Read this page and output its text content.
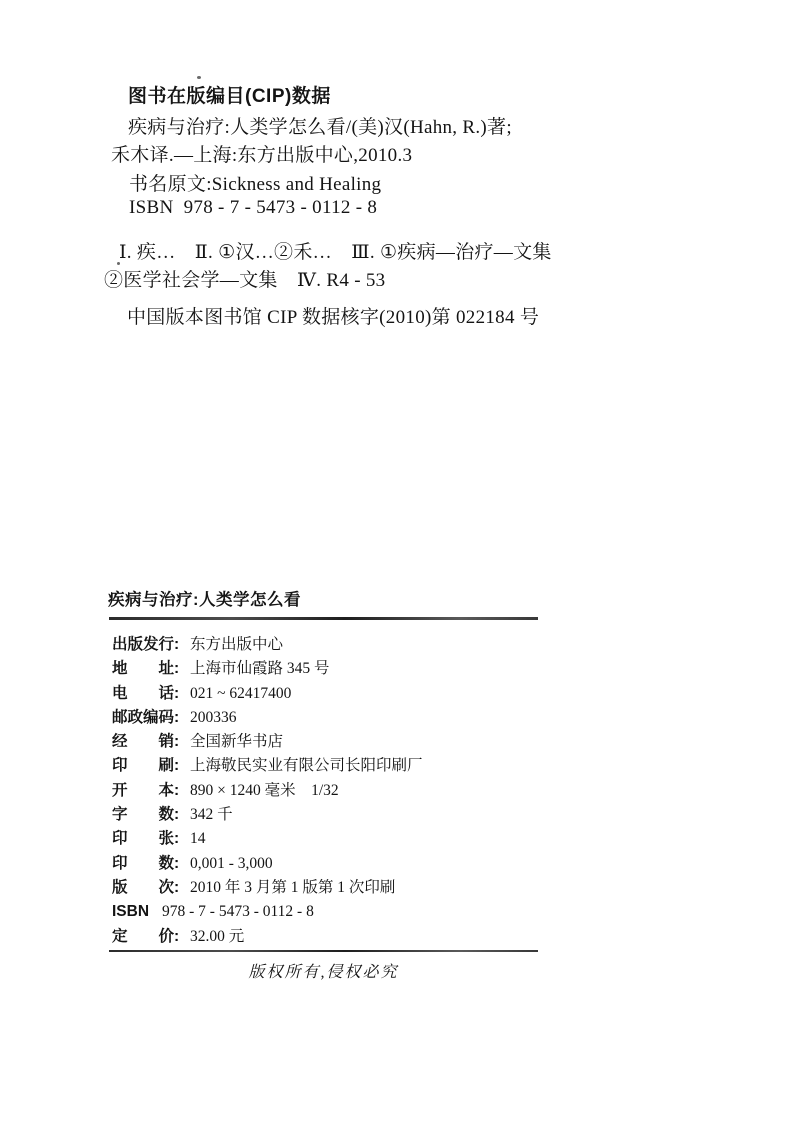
图书在版编目(CIP)数据
疾病与治疗:人类学怎么看/(美)汉(Hahn, R.)著;
禾木译.—上海:东方出版中心,2010.3
书名原文:Sickness and Healing
ISBN  978 - 7 - 5473 - 0112 - 8
Ⅰ. 疾…　Ⅱ. ①汉…②禾…　Ⅲ. ①疾病—治疗—文集
②医学社会学—文集　Ⅳ. R4 - 53
中国版本图书馆 CIP 数据核字(2010)第 022184 号
疾病与治疗:人类学怎么看
出版发行: 东方出版中心
地　　址: 上海市仙霞路 345 号
电　　话: 021 ~ 62417400
邮政编码: 200336
经　　销: 全国新华书店
印　　刷: 上海敬民实业有限公司长阳印刷厂
开　　本: 890 × 1240 毫米　1/32
字　　数: 342 千
印　　张: 14
印　　数: 0,001 - 3,000
版　　次: 2010 年 3 月第 1 版第 1 次印刷
ISBN 978 - 7 - 5473 - 0112 - 8
定　　价: 32.00 元
版权所有,侵权必究
